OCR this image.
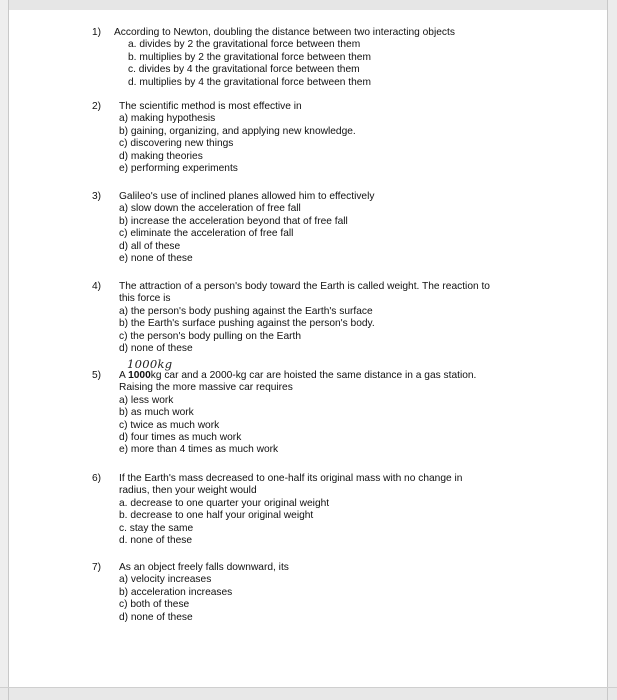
1)	According to Newton, doubling the distance between two interacting objects
a. divides by 2 the gravitational force between them
b. multiplies by 2 the gravitational force between them
c. divides by 4 the gravitational force between them
d. multiplies by 4 the gravitational force between them
2)	The scientific method is most effective in
a) making hypothesis
b) gaining, organizing, and applying new knowledge.
c) discovering new things
d) making theories
e) performing experiments
3)	Galileo's use of inclined planes allowed him to effectively
a) slow down the acceleration of free fall
b) increase the acceleration beyond that of free fall
c) eliminate the acceleration of free fall
d) all of these
e) none of these
4)	The attraction of a person's body toward the Earth is called weight. The reaction to
this force is
a) the person's body pushing against the Earth's surface
b) the Earth's surface pushing against the person's body.
c) the person's body pulling on the Earth
d) none of these
1000kg
5)	A 1000kg car and a 2000-kg car are hoisted the same distance in a gas station.
Raising the more massive car requires
a) less work
b) as much work
c) twice as much work
d) four times as much work
e) more than 4 times as much work
6)	If the Earth's mass decreased to one-half its original mass with no change in
radius, then your weight would
a. decrease to one quarter your original weight
b. decrease to one half your original weight
c. stay the same
d. none of these
7)	As an object freely falls downward, its
a) velocity increases
b) acceleration increases
c) both of these
d) none of these
